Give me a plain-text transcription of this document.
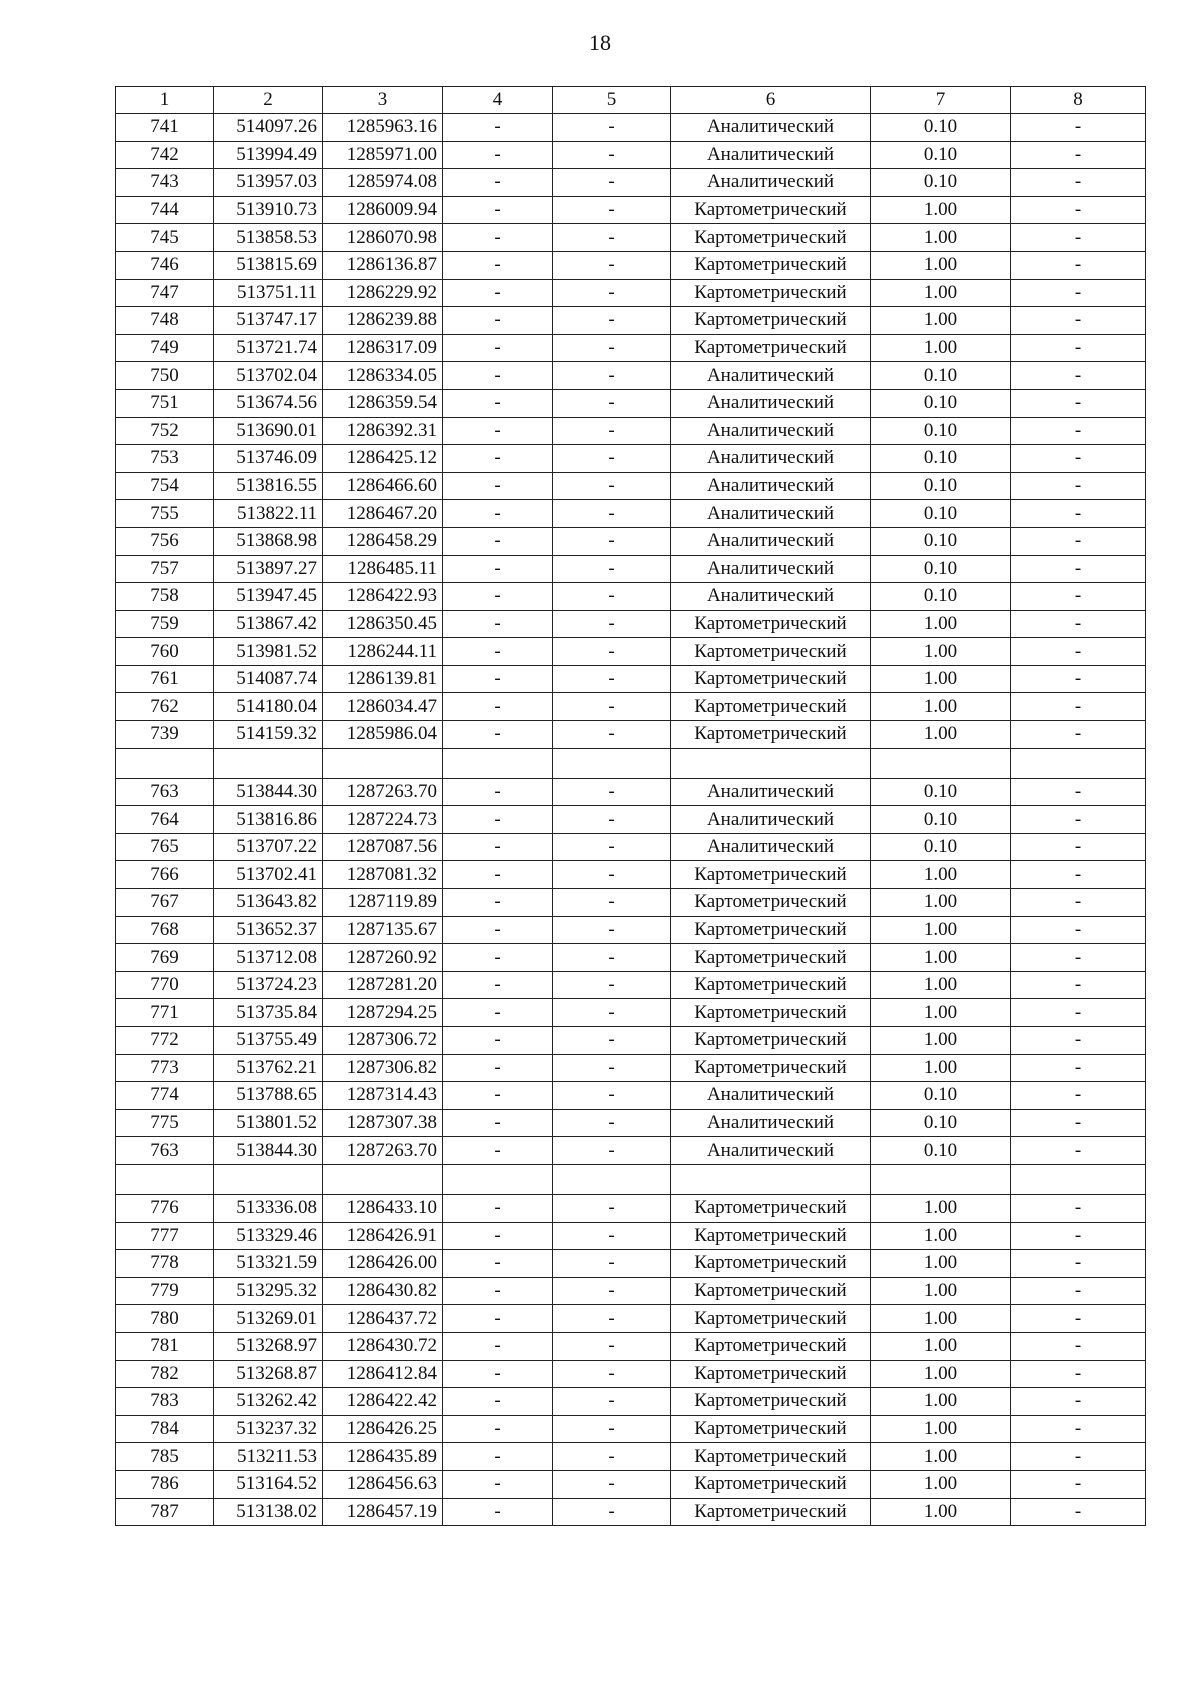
18
1	2	3	4	5	6	7	8
741	514097.26	1285963.16	-	-	Аналитический	0.10	-
742	513994.49	1285971.00	-	-	Аналитический	0.10	-
743	513957.03	1285974.08	-	-	Аналитический	0.10	-
744	513910.73	1286009.94	-	-	Картометрический	1.00	-
745	513858.53	1286070.98	-	-	Картометрический	1.00	-
746	513815.69	1286136.87	-	-	Картометрический	1.00	-
747	513751.11	1286229.92	-	-	Картометрический	1.00	-
748	513747.17	1286239.88	-	-	Картометрический	1.00	-
749	513721.74	1286317.09	-	-	Картометрический	1.00	-
750	513702.04	1286334.05	-	-	Аналитический	0.10	-
751	513674.56	1286359.54	-	-	Аналитический	0.10	-
752	513690.01	1286392.31	-	-	Аналитический	0.10	-
753	513746.09	1286425.12	-	-	Аналитический	0.10	-
754	513816.55	1286466.60	-	-	Аналитический	0.10	-
755	513822.11	1286467.20	-	-	Аналитический	0.10	-
756	513868.98	1286458.29	-	-	Аналитический	0.10	-
757	513897.27	1286485.11	-	-	Аналитический	0.10	-
758	513947.45	1286422.93	-	-	Аналитический	0.10	-
759	513867.42	1286350.45	-	-	Картометрический	1.00	-
760	513981.52	1286244.11	-	-	Картометрический	1.00	-
761	514087.74	1286139.81	-	-	Картометрический	1.00	-
762	514180.04	1286034.47	-	-	Картометрический	1.00	-
739	514159.32	1285986.04	-	-	Картометрический	1.00	-

763	513844.30	1287263.70	-	-	Аналитический	0.10	-
764	513816.86	1287224.73	-	-	Аналитический	0.10	-
765	513707.22	1287087.56	-	-	Аналитический	0.10	-
766	513702.41	1287081.32	-	-	Картометрический	1.00	-
767	513643.82	1287119.89	-	-	Картометрический	1.00	-
768	513652.37	1287135.67	-	-	Картометрический	1.00	-
769	513712.08	1287260.92	-	-	Картометрический	1.00	-
770	513724.23	1287281.20	-	-	Картометрический	1.00	-
771	513735.84	1287294.25	-	-	Картометрический	1.00	-
772	513755.49	1287306.72	-	-	Картометрический	1.00	-
773	513762.21	1287306.82	-	-	Картометрический	1.00	-
774	513788.65	1287314.43	-	-	Аналитический	0.10	-
775	513801.52	1287307.38	-	-	Аналитический	0.10	-
763	513844.30	1287263.70	-	-	Аналитический	0.10	-

776	513336.08	1286433.10	-	-	Картометрический	1.00	-
777	513329.46	1286426.91	-	-	Картометрический	1.00	-
778	513321.59	1286426.00	-	-	Картометрический	1.00	-
779	513295.32	1286430.82	-	-	Картометрический	1.00	-
780	513269.01	1286437.72	-	-	Картометрический	1.00	-
781	513268.97	1286430.72	-	-	Картометрический	1.00	-
782	513268.87	1286412.84	-	-	Картометрический	1.00	-
783	513262.42	1286422.42	-	-	Картометрический	1.00	-
784	513237.32	1286426.25	-	-	Картометрический	1.00	-
785	513211.53	1286435.89	-	-	Картометрический	1.00	-
786	513164.52	1286456.63	-	-	Картометрический	1.00	-
787	513138.02	1286457.19	-	-	Картометрический	1.00	-
